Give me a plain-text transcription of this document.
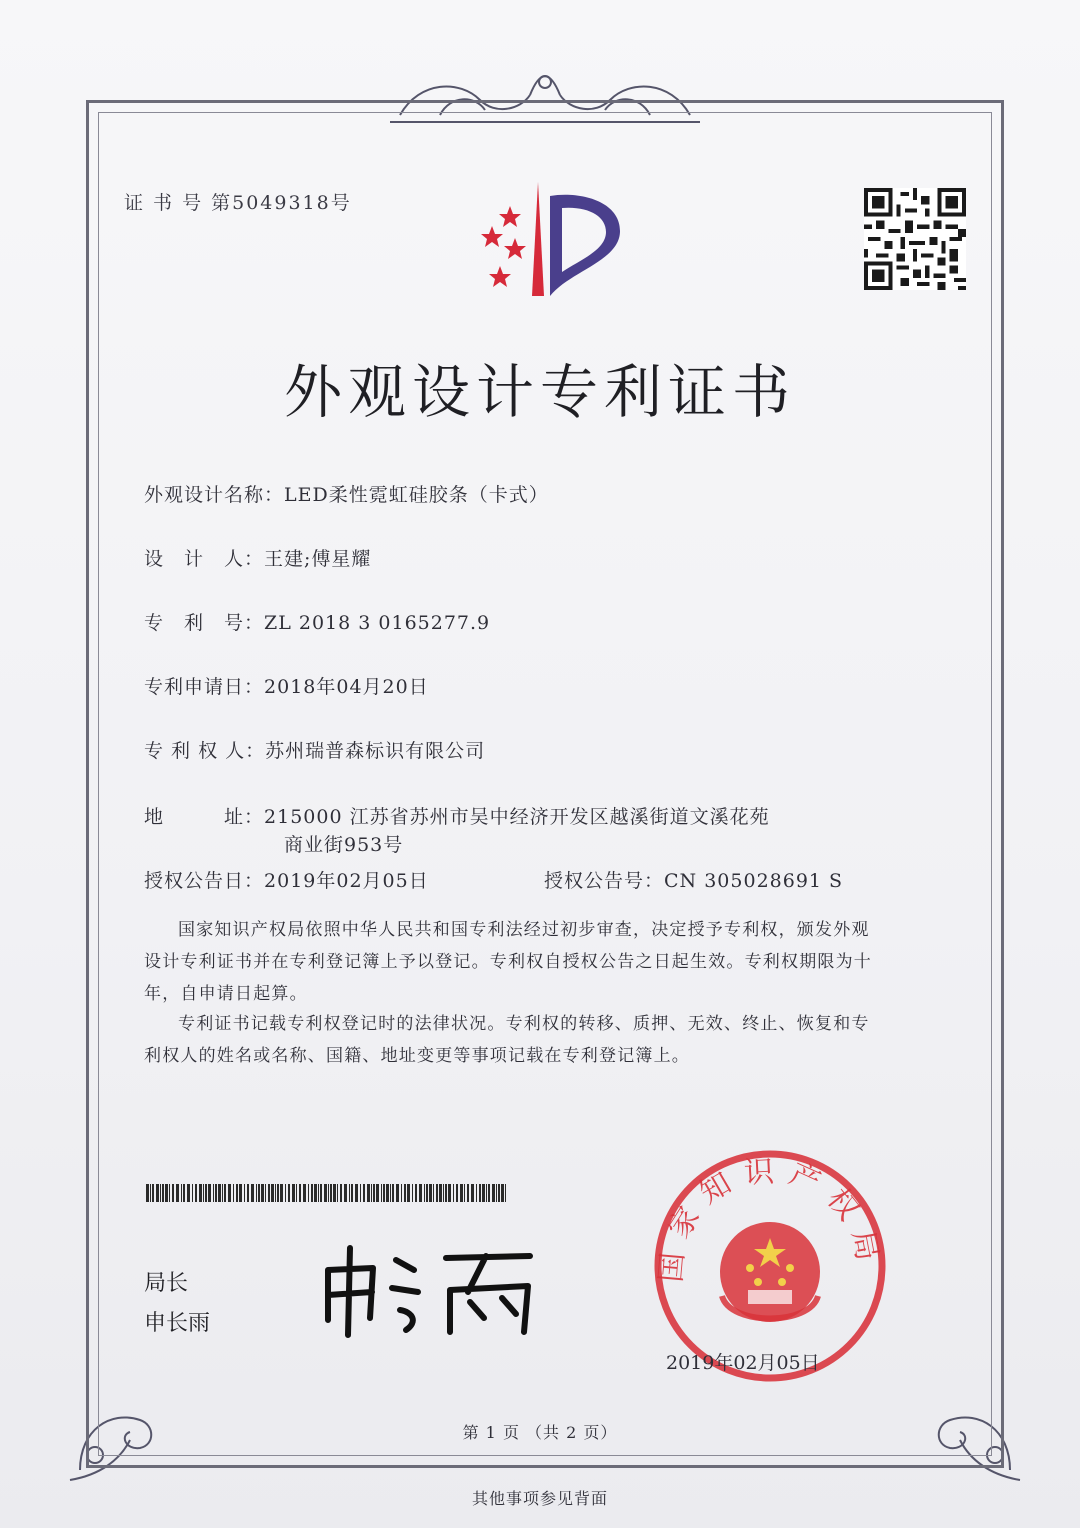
证 书 号 第5049318号
外观设计专利证书
外观设计名称：LED柔性霓虹硅胶条（卡式）
设　计　人：王建;傅星耀
专　利　号：ZL 2018 3 0165277.9
专利申请日：2018年04月20日
专 利 权 人：苏州瑞普森标识有限公司
地　　　址：215000 江苏省苏州市吴中经济开发区越溪街道文溪花苑
商业街953号
授权公告日：2019年02月05日	授权公告号：CN 305028691 S
国家知识产权局依照中华人民共和国专利法经过初步审查，决定授予专利权，颁发外观
设计专利证书并在专利登记簿上予以登记。专利权自授权公告之日起生效。专利权期限为十
年，自申请日起算。
专利证书记载专利权登记时的法律状况。专利权的转移、质押、无效、终止、恢复和专
利权人的姓名或名称、国籍、地址变更等事项记载在专利登记簿上。
局长
申长雨
国家知识产权局
2019年02月05日
第 1 页 （共 2 页）
其他事项参见背面
